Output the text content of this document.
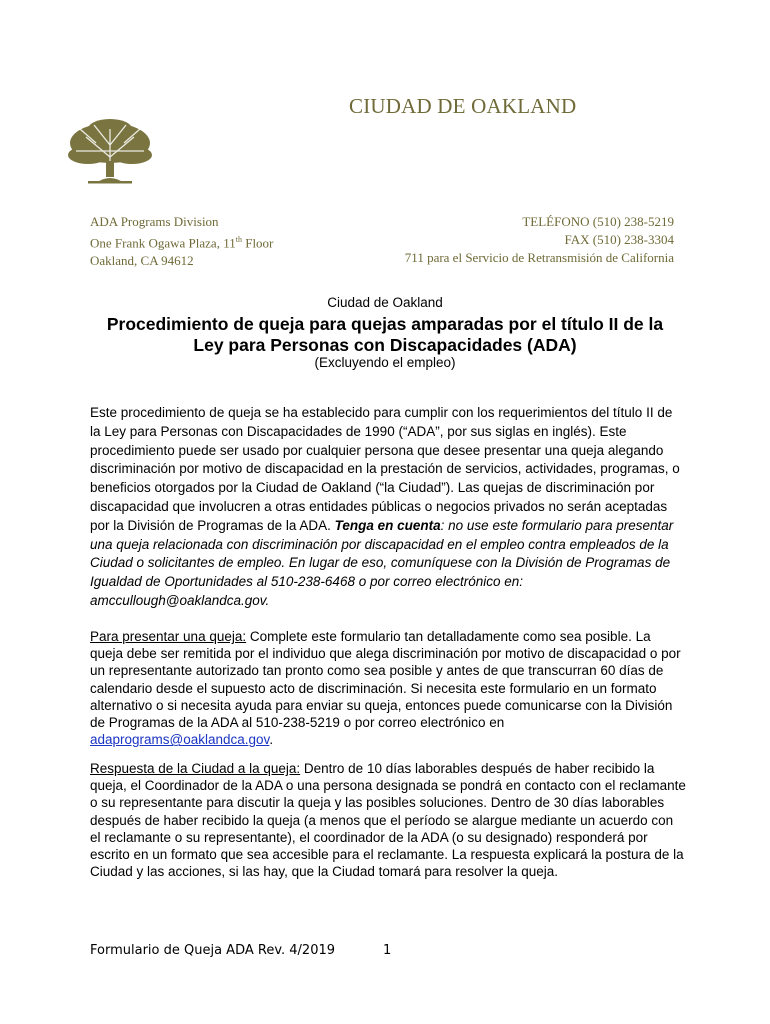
CIUDAD DE OAKLAND
ADA Programs Division
One Frank Ogawa Plaza, 11th Floor
Oakland, CA 94612
TELÉFONO (510) 238-5219
FAX (510) 238-3304
711 para el Servicio de Retransmisión de California
Ciudad de Oakland
Procedimiento de queja para quejas amparadas por el título II de la
Ley para Personas con Discapacidades (ADA)
(Excluyendo el empleo)
Este procedimiento de queja se ha establecido para cumplir con los requerimientos del título II de la Ley para Personas con Discapacidades de 1990 (“ADA”, por sus siglas en inglés). Este procedimiento puede ser usado por cualquier persona que desee presentar una queja alegando discriminación por motivo de discapacidad en la prestación de servicios, actividades, programas, o beneficios otorgados por la Ciudad de Oakland (“la Ciudad”). Las quejas de discriminación por discapacidad que involucren a otras entidades públicas o negocios privados no serán aceptadas por la División de Programas de la ADA. Tenga en cuenta: no use este formulario para presentar una queja relacionada con discriminación por discapacidad en el empleo contra empleados de la Ciudad o solicitantes de empleo. En lugar de eso, comuníquese con la División de Programas de Igualdad de Oportunidades al 510-238-6468 o por correo electrónico en: amccullough@oaklandca.gov.
Para presentar una queja: Complete este formulario tan detalladamente como sea posible. La queja debe ser remitida por el individuo que alega discriminación por motivo de discapacidad o por un representante autorizado tan pronto como sea posible y antes de que transcurran 60 días de calendario desde el supuesto acto de discriminación. Si necesita este formulario en un formato alternativo o si necesita ayuda para enviar su queja, entonces puede comunicarse con la División de Programas de la ADA al 510-238-5219 o por correo electrónico en adaprograms@oaklandca.gov.
Respuesta de la Ciudad a la queja: Dentro de 10 días laborables después de haber recibido la queja, el Coordinador de la ADA o una persona designada se pondrá en contacto con el reclamante o su representante para discutir la queja y las posibles soluciones. Dentro de 30 días laborables después de haber recibido la queja (a menos que el período se alargue mediante un acuerdo con el reclamante o su representante), el coordinador de la ADA (o su designado) responderá por escrito en un formato que sea accesible para el reclamante. La respuesta explicará la postura de la Ciudad y las acciones, si las hay, que la Ciudad tomará para resolver la queja.
Formulario de Queja ADA Rev. 4/2019	1
